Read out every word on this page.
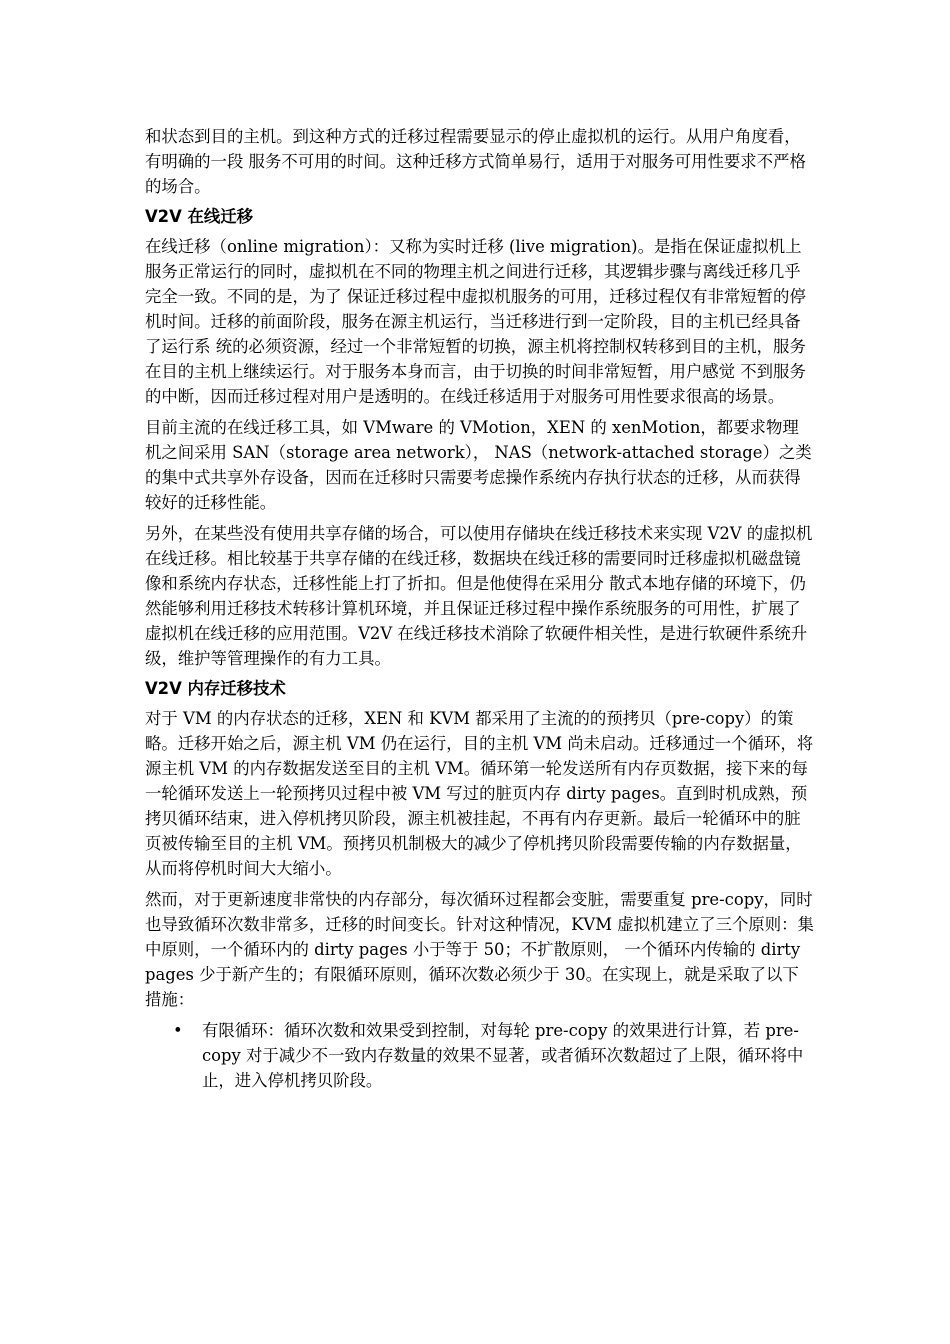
和状态到目的主机。到这种方式的迁移过程需要显示的停止虚拟机的运行。从用户角度看，有明确的一段 服务不可用的时间。这种迁移方式简单易行，适用于对服务可用性要求不严格的场合。

V2V 在线迁移

在线迁移（online migration）：又称为实时迁移 (live migration)。是指在保证虚拟机上服务正常运行的同时，虚拟机在不同的物理主机之间进行迁移，其逻辑步骤与离线迁移几乎完全一致。不同的是，为了 保证迁移过程中虚拟机服务的可用，迁移过程仅有非常短暂的停机时间。迁移的前面阶段，服务在源主机运行，当迁移进行到一定阶段，目的主机已经具备了运行系 统的必须资源，经过一个非常短暂的切换，源主机将控制权转移到目的主机，服务在目的主机上继续运行。对于服务本身而言，由于切换的时间非常短暂，用户感觉 不到服务的中断，因而迁移过程对用户是透明的。在线迁移适用于对服务可用性要求很高的场景。

目前主流的在线迁移工具，如 VMware 的 VMotion，XEN 的 xenMotion，都要求物理机之间采用 SAN（storage area network）， NAS（network-attached storage）之类的集中式共享外存设备，因而在迁移时只需要考虑操作系统内存执行状态的迁移，从而获得较好的迁移性能。

另外，在某些没有使用共享存储的场合，可以使用存储块在线迁移技术来实现 V2V 的虚拟机在线迁移。相比较基于共享存储的在线迁移，数据块在线迁移的需要同时迁移虚拟机磁盘镜像和系统内存状态，迁移性能上打了折扣。但是他使得在采用分 散式本地存储的环境下，仍然能够利用迁移技术转移计算机环境，并且保证迁移过程中操作系统服务的可用性，扩展了虚拟机在线迁移的应用范围。V2V 在线迁移技术消除了软硬件相关性，是进行软硬件系统升级，维护等管理操作的有力工具。

V2V 内存迁移技术

对于 VM 的内存状态的迁移，XEN 和 KVM 都采用了主流的的预拷贝（pre-copy）的策略。迁移开始之后，源主机 VM 仍在运行，目的主机 VM 尚未启动。迁移通过一个循环，将源主机 VM 的内存数据发送至目的主机 VM。循环第一轮发送所有内存页数据，接下来的每一轮循环发送上一轮预拷贝过程中被 VM 写过的脏页内存 dirty pages。直到时机成熟，预拷贝循环结束，进入停机拷贝阶段，源主机被挂起，不再有内存更新。最后一轮循环中的脏页被传输至目的主机 VM。预拷贝机制极大的减少了停机拷贝阶段需要传输的内存数据量，从而将停机时间大大缩小。

然而，对于更新速度非常快的内存部分，每次循环过程都会变脏，需要重复 pre-copy，同时也导致循环次数非常多，迁移的时间变长。针对这种情况，KVM 虚拟机建立了三个原则：集中原则，一个循环内的 dirty pages 小于等于 50；不扩散原则， 一个循环内传输的 dirty pages 少于新产生的；有限循环原则，循环次数必须少于 30。在实现上，就是采取了以下措施：

• 有限循环：循环次数和效果受到控制，对每轮 pre-copy 的效果进行计算，若 pre-copy 对于减少不一致内存数量的效果不显著，或者循环次数超过了上限，循环将中止，进入停机拷贝阶段。
